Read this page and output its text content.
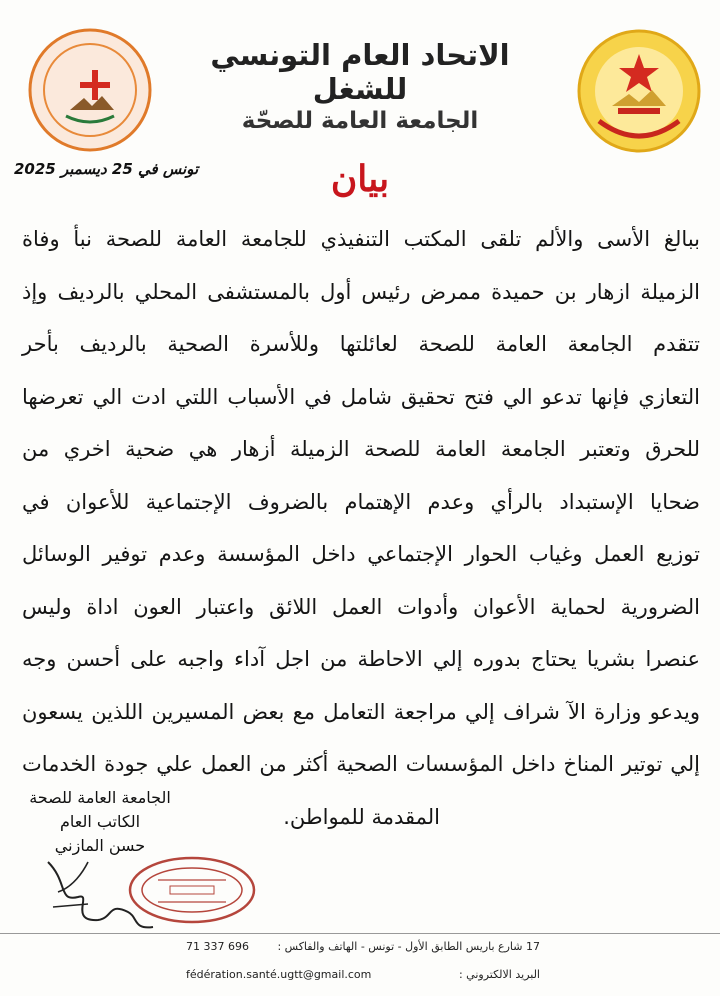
الاتحاد العام التونسي للشغل
الجامعة العامة للصحّة
تونس في 25 ديسمبر 2025	بيان
ببالغ الأسى والألم تلقى المكتب التنفيذي للجامعة العامة للصحة نبأ وفاة
الزميلة ازهار بن حميدة ممرض رئيس أول بالمستشفى المحلي بالرديف وإذ
تتقدم الجامعة العامة للصحة لعائلتها وللأسرة الصحية بالرديف بأحر
التعازي فإنها تدعو الي فتح تحقيق شامل في الأسباب اللتي ادت الي تعرضها
للحرق وتعتبر الجامعة العامة للصحة الزميلة أزهار هي ضحية اخري من
ضحايا الإستبداد بالرأي وعدم الإهتمام بالضروف الإجتماعية للأعوان في
توزيع العمل وغياب الحوار الإجتماعي داخل المؤسسة وعدم توفير الوسائل
الضرورية لحماية الأعوان وأدوات العمل اللائق واعتبار العون اداة وليس
عنصرا بشريا يحتاج بدوره إلي الاحاطة من اجل آداء واجبه على أحسن وجه
ويدعو وزارة الآ شراف إلي مراجعة التعامل مع بعض المسيرين اللذين يسعون
إلي توتير المناخ داخل المؤسسات الصحية أكثر من العمل علي جودة الخدمات
المقدمة للمواطن.
الجامعة العامة للصحة
الكاتب العام
حسن المازني
17 شارع باريس الطابق الأول - تونس - الهاتف والفاكس :
71 337 696
البريد الالكتروني :
fédération.santé.ugtt@gmail.com
